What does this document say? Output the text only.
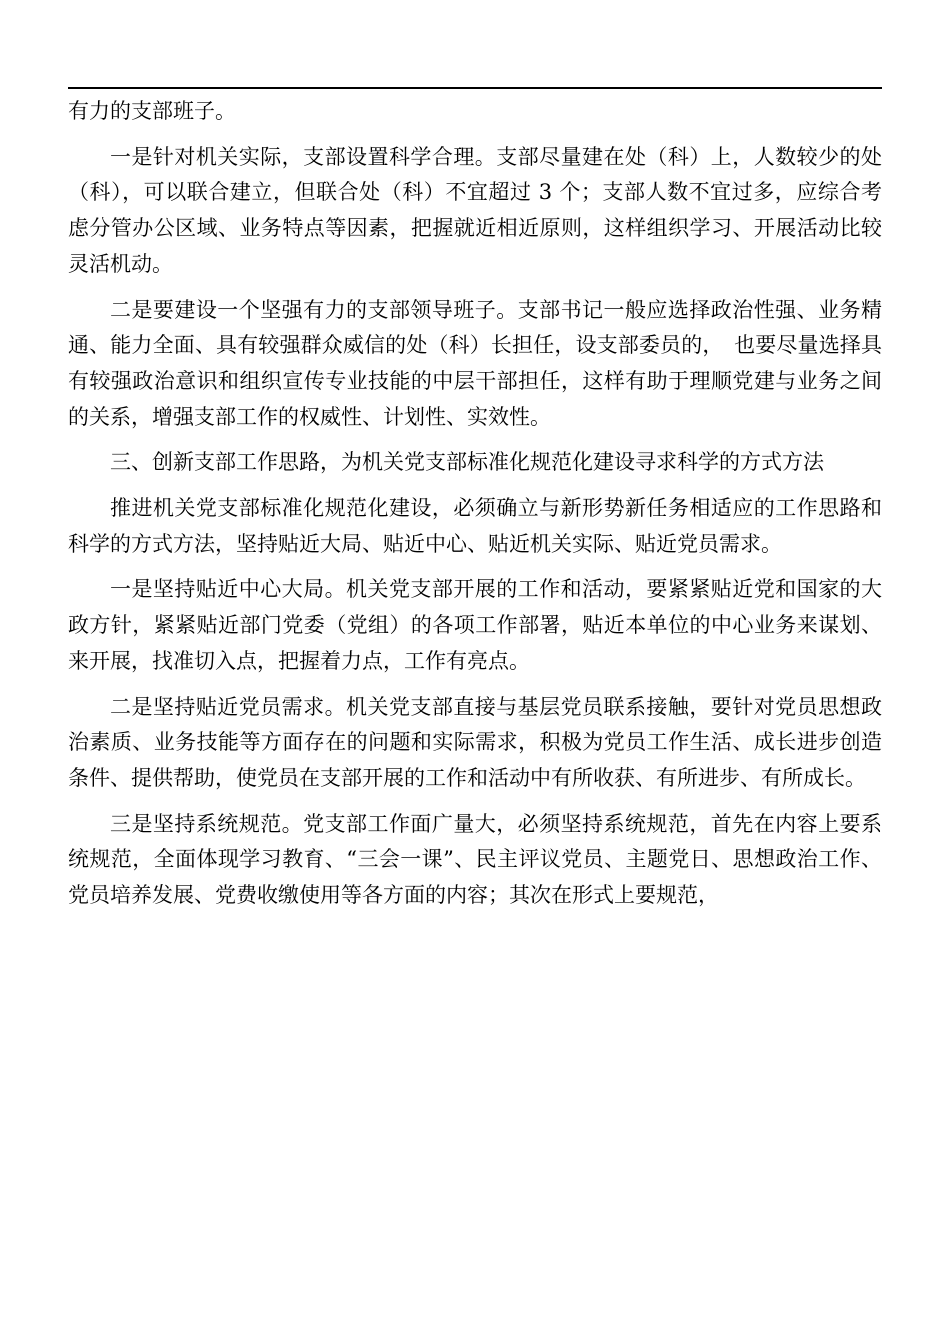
有力的支部班子。

一是针对机关实际，支部设置科学合理。支部尽量建在处（科）上，人数较少的处（科），可以联合建立，但联合处（科）不宜超过 3 个；支部人数不宜过多，应综合考虑分管办公区域、业务特点等因素，把握就近相近原则，这样组织学习、开展活动比较灵活机动。

二是要建设一个坚强有力的支部领导班子。支部书记一般应选择政治性强、业务精通、能力全面、具有较强群众威信的处（科）长担任，设支部委员的，　也要尽量选择具有较强政治意识和组织宣传专业技能的中层干部担任，这样有助于理顺党建与业务之间的关系，增强支部工作的权威性、计划性、实效性。

三、创新支部工作思路，为机关党支部标准化规范化建设寻求科学的方式方法

推进机关党支部标准化规范化建设，必须确立与新形势新任务相适应的工作思路和科学的方式方法，坚持贴近大局、贴近中心、贴近机关实际、贴近党员需求。

一是坚持贴近中心大局。机关党支部开展的工作和活动，要紧紧贴近党和国家的大政方针，紧紧贴近部门党委（党组）的各项工作部署，贴近本单位的中心业务来谋划、来开展，找准切入点，把握着力点，工作有亮点。

二是坚持贴近党员需求。机关党支部直接与基层党员联系接触，要针对党员思想政治素质、业务技能等方面存在的问题和实际需求，积极为党员工作生活、成长进步创造条件、提供帮助，使党员在支部开展的工作和活动中有所收获、有所进步、有所成长。

三是坚持系统规范。党支部工作面广量大，必须坚持系统规范，首先在内容上要系统规范，全面体现学习教育、“三会一课”、民主评议党员、主题党日、思想政治工作、党员培养发展、党费收缴使用等各方面的内容；其次在形式上要规范，
